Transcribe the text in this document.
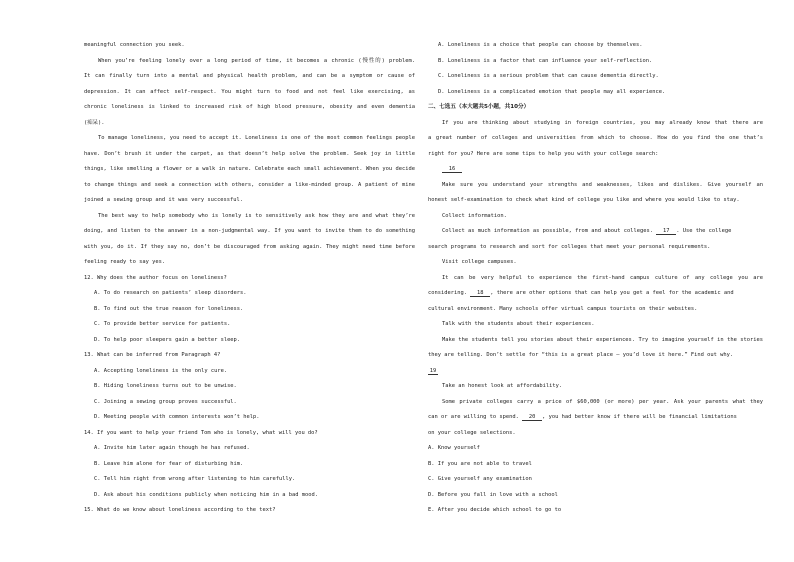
meaningful connection you seek.
When you’re feeling lonely over a long period of time, it becomes a chronic (慢性的) problem.
It can finally turn into a mental and physical health problem, and can be a symptom or cause of
depression. It can affect self-respect. You might turn to food and not feel like exercising, as
chronic loneliness is linked to increased risk of high blood pressure, obesity and even dementia
(痴呆).
To manage loneliness, you need to accept it. Loneliness is one of the most common feelings people
have. Don’t brush it under the carpet, as that doesn’t help solve the problem. Seek joy in little
things, like smelling a flower or a walk in nature. Celebrate each small achievement. When you decide
to change things and seek a connection with others, consider a like-minded group. A patient of mine
joined a sewing group and it was very successful.
The best way to help somebody who is lonely is to sensitively ask how they are and what they’re
doing, and listen to the answer in a non-judgmental way. If you want to invite them to do something
with you, do it. If they say no, don’t be discouraged from asking again. They might need time before
feeling ready to say yes.
12. Why does the author focus on loneliness?
A. To do research on patients’ sleep disorders.
B. To find out the true reason for loneliness.
C. To provide better service for patients.
D. To help poor sleepers gain a better sleep.
13. What can be inferred from Paragraph 4?
A. Accepting loneliness is the only cure.
B. Hiding loneliness turns out to be unwise.
C. Joining a sewing group proves successful.
D. Meeting people with common interests won’t help.
14. If you want to help your friend Tom who is lonely, what will you do?
A. Invite him later again though he has refused.
B. Leave him alone for fear of disturbing him.
C. Tell him right from wrong after listening to him carefully.
D. Ask about his conditions publicly when noticing him in a bad mood.
15. What do we know about loneliness according to the text?
A. Loneliness is a choice that people can choose by themselves.
B. Loneliness is a factor that can influence your self-reflection.
C. Loneliness is a serious problem that can cause dementia directly.
D. Loneliness is a complicated emotion that people may all experience.
二、七选五（本大题共5小题，共10分）
If you are thinking about studying in foreign countries, you may already know that there are
a great number of colleges and universities from which to choose. How do you find the one that’s
right for you? Here are some tips to help you with your college search:
16
Make sure you understand your strengths and weaknesses, likes and dislikes. Give yourself an
honest self-examination to check what kind of college you like and where you would like to stay.
Collect information.
Collect as much information as possible, from and about colleges. 17 . Use the college
search programs to research and sort for colleges that meet your personal requirements.
Visit college campuses.
It can be very helpful to experience the first-hand campus culture of any college you are
considering. 18 , there are other options that can help you get a feel for the academic and
cultural environment. Many schools offer virtual campus tourists on their websites.
Talk with the students about their experiences.
Make the students tell you stories about their experiences. Try to imagine yourself in the stories
they are telling. Don’t settle for “this is a great place — you’d love it here.” Find out why.
19
Take an honest look at affordability.
Some private colleges carry a price of $60,000 (or more) per year. Ask your parents what they
can or are willing to spend. 20 , you had better know if there will be financial limitations
on your college selections.
A. Know yourself
B. If you are not able to travel
C. Give yourself any examination
D. Before you fall in love with a school
E. After you decide which school to go to
